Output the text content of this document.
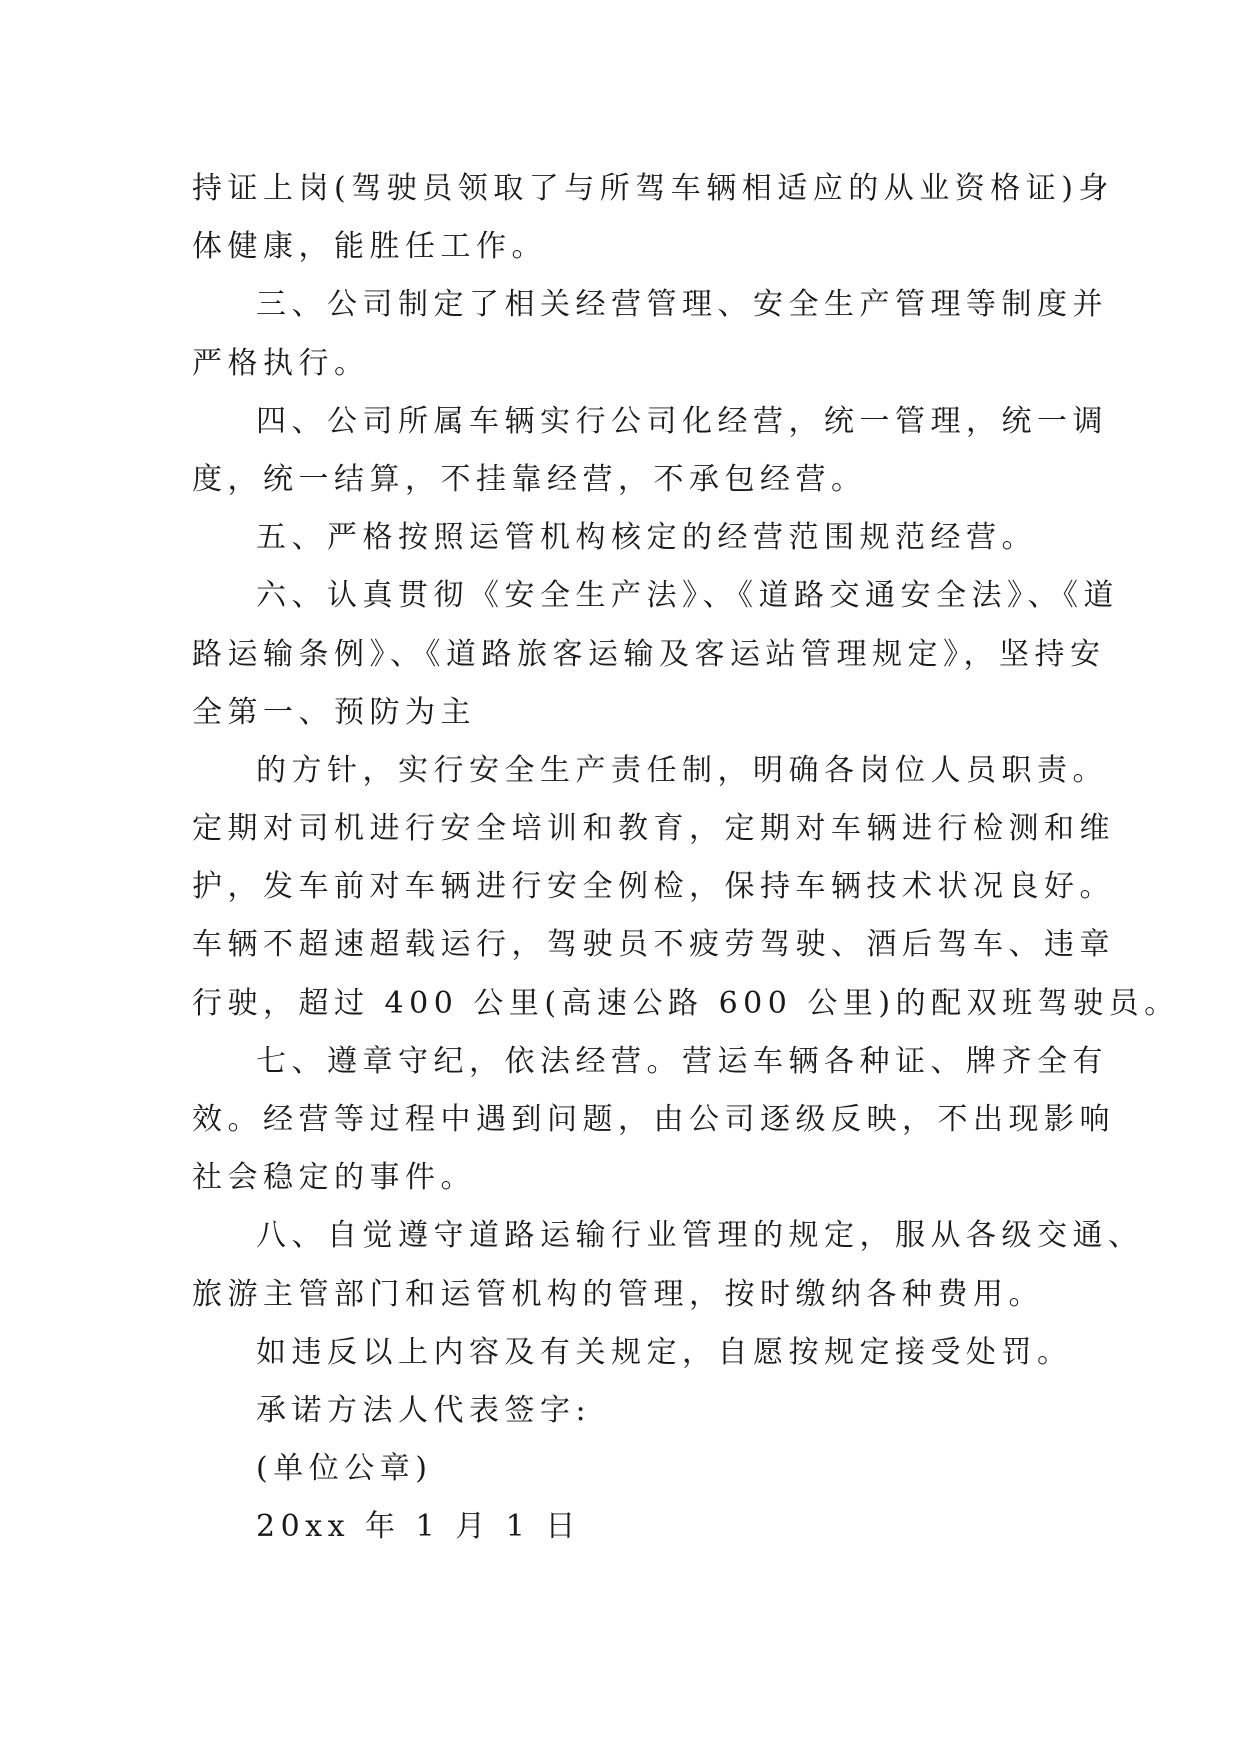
持证上岗(驾驶员领取了与所驾车辆相适应的从业资格证)身
体健康，能胜任工作。
三、公司制定了相关经营管理、安全生产管理等制度并
严格执行。
四、公司所属车辆实行公司化经营，统一管理，统一调
度，统一结算，不挂靠经营，不承包经营。
五、严格按照运管机构核定的经营范围规范经营。
六、认真贯彻《安全生产法》、《道路交通安全法》、《道
路运输条例》、《道路旅客运输及客运站管理规定》，坚持安
全第一、预防为主
的方针，实行安全生产责任制，明确各岗位人员职责。
定期对司机进行安全培训和教育，定期对车辆进行检测和维
护，发车前对车辆进行安全例检，保持车辆技术状况良好。
车辆不超速超载运行，驾驶员不疲劳驾驶、酒后驾车、违章
行驶，超过 400 公里(高速公路 600 公里)的配双班驾驶员。
七、遵章守纪，依法经营。营运车辆各种证、牌齐全有
效。经营等过程中遇到问题，由公司逐级反映，不出现影响
社会稳定的事件。
八、自觉遵守道路运输行业管理的规定，服从各级交通、
旅游主管部门和运管机构的管理，按时缴纳各种费用。
如违反以上内容及有关规定，自愿按规定接受处罚。
承诺方法人代表签字:
(单位公章)
20xx 年 1 月 1 日
